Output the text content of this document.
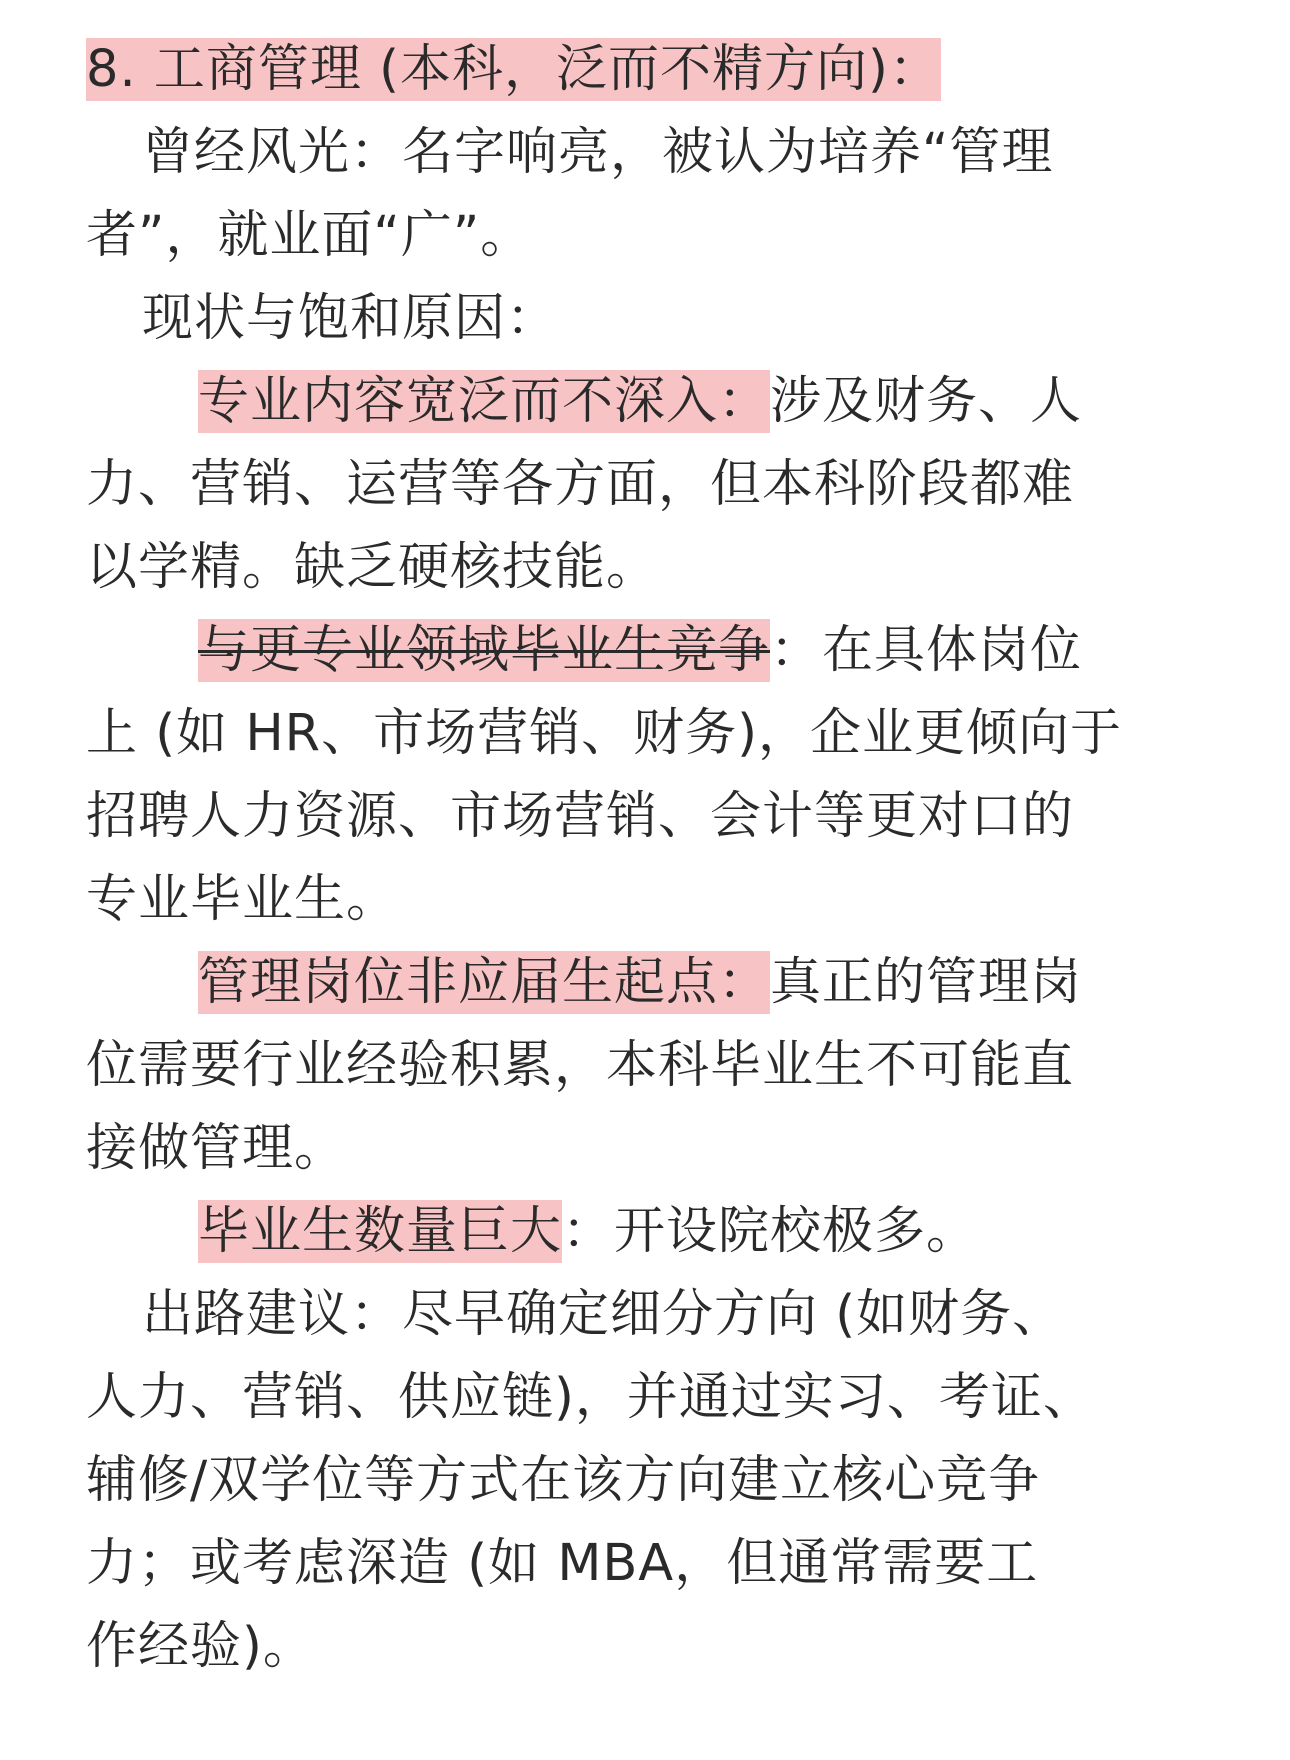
8. 工商管理 (本科，泛而不精方向)：
曾经风光：名字响亮，被认为培养“管理
者”，就业面“广”。
现状与饱和原因：
专业内容宽泛而不深入：涉及财务、人
力、营销、运营等各方面，但本科阶段都难
以学精。缺乏硬核技能。
与更专业领域毕业生竞争：在具体岗位
上 (如 HR、市场营销、财务)，企业更倾向于
招聘人力资源、市场营销、会计等更对口的
专业毕业生。
管理岗位非应届生起点：真正的管理岗
位需要行业经验积累，本科毕业生不可能直
接做管理。
毕业生数量巨大：开设院校极多。
出路建议：尽早确定细分方向 (如财务、
人力、营销、供应链)，并通过实习、考证、
辅修/双学位等方式在该方向建立核心竞争
力；或考虑深造 (如 MBA，但通常需要工
作经验)。
